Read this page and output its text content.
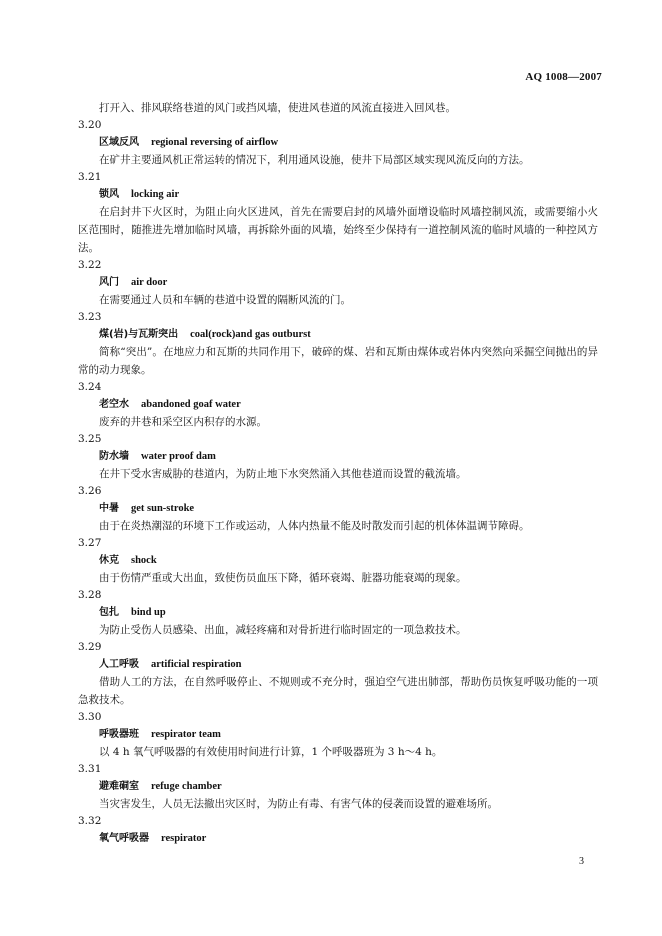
AQ 1008—2007
打开入、排风联络巷道的风门或挡风墙，使进风巷道的风流直接进入回风巷。
3.20
区域反风 regional reversing of airflow
在矿井主要通风机正常运转的情况下，利用通风设施，使井下局部区域实现风流反向的方法。
3.21
锁风 locking air
在启封井下火区时，为阻止向火区进风，首先在需要启封的风墙外面增设临时风墙控制风流，或需要缩小火区范围时，随推进先增加临时风墙，再拆除外面的风墙，始终至少保持有一道控制风流的临时风墙的一种控风方法。
3.22
风门 air door
在需要通过人员和车辆的巷道中设置的隔断风流的门。
3.23
煤(岩)与瓦斯突出 coal(rock)and gas outburst
简称“突出”。在地应力和瓦斯的共同作用下，破碎的煤、岩和瓦斯由煤体或岩体内突然向采掘空间抛出的异常的动力现象。
3.24
老空水 abandoned goaf water
废弃的井巷和采空区内积存的水源。
3.25
防水墙 water proof dam
在井下受水害威胁的巷道内，为防止地下水突然涌入其他巷道而设置的截流墙。
3.26
中暑 get sun-stroke
由于在炎热潮湿的环境下工作或运动，人体内热量不能及时散发而引起的机体体温调节障碍。
3.27
休克 shock
由于伤情严重或大出血，致使伤员血压下降，循环衰竭、脏器功能衰竭的现象。
3.28
包扎 bind up
为防止受伤人员感染、出血，减轻疼痛和对骨折进行临时固定的一项急救技术。
3.29
人工呼吸 artificial respiration
借助人工的方法，在自然呼吸停止、不规则或不充分时，强迫空气进出肺部，帮助伤员恢复呼吸功能的一项急救技术。
3.30
呼吸器班 respirator team
以 4 h 氧气呼吸器的有效使用时间进行计算，1 个呼吸器班为 3 h～4 h。
3.31
避难硐室 refuge chamber
当灾害发生，人员无法撤出灾区时，为防止有毒、有害气体的侵袭而设置的避难场所。
3.32
氧气呼吸器 respirator
3
